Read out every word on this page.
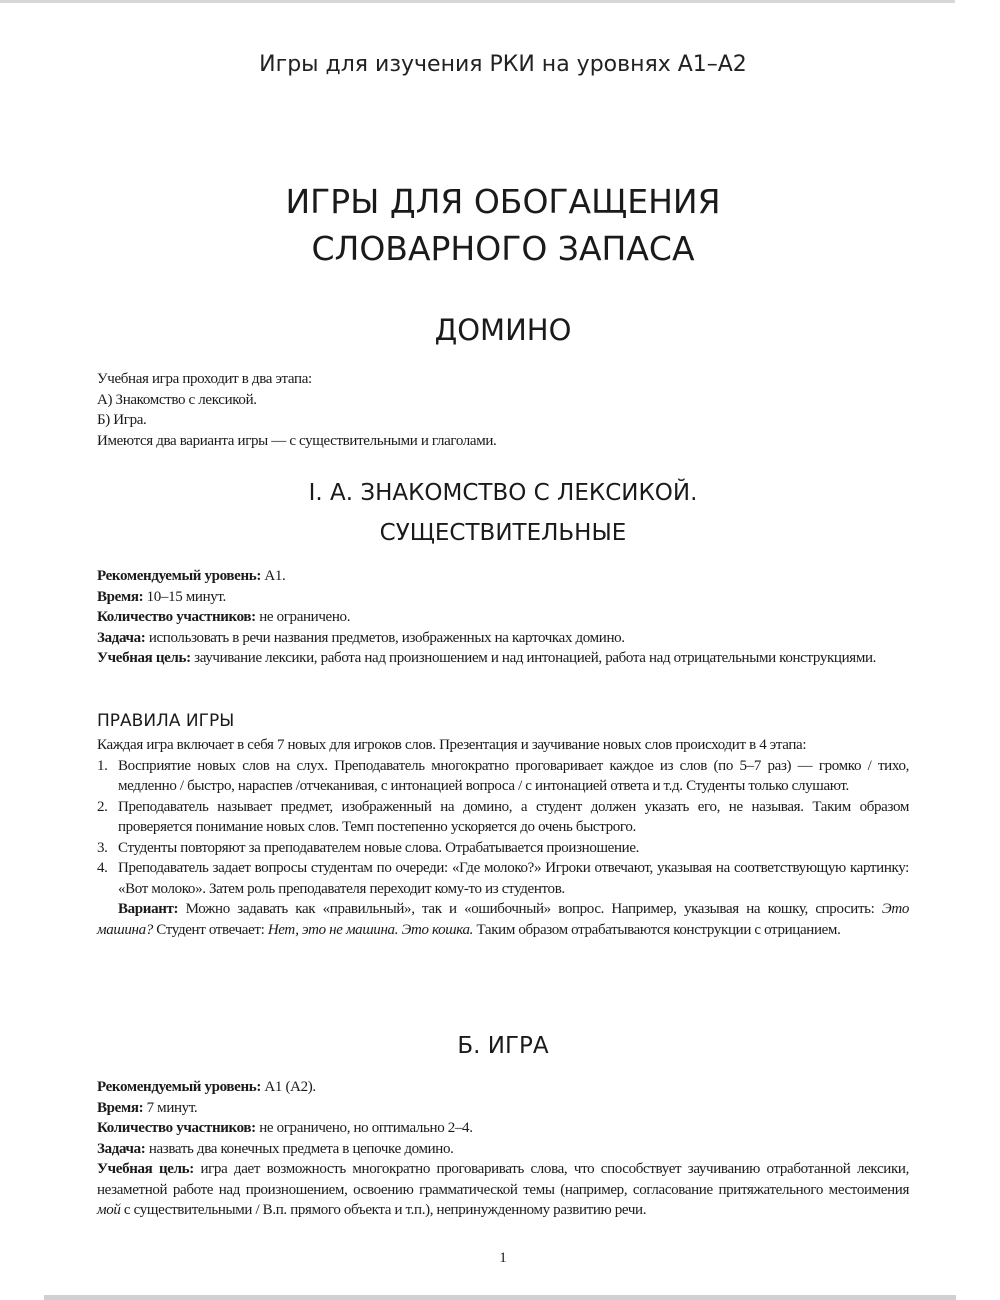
Игры для изучения РКИ на уровнях А1–А2
ИГРЫ ДЛЯ ОБОГАЩЕНИЯ
СЛОВАРНОГО ЗАПАСА
ДОМИНО

Учебная игра проходит в два этапа:

А) Знакомство с лексикой.

Б) Игра.

Имеются два варианта игры — с существительными и глаголами.

I. А. ЗНАКОМСТВО С ЛЕКСИКОЙ.
СУЩЕСТВИТЕЛЬНЫЕ

Рекомендуемый уровень: А1.

Время: 10–15 минут.

Количество участников: не ограничено.

Задача: использовать в речи названия предметов, изображенных на карточках домино.

Учебная цель: заучивание лексики, работа над произношением и над интонацией, работа над отрицательными конструкциями.

ПРАВИЛА ИГРЫ

Каждая игра включает в себя 7 новых для игроков слов. Презентация и заучивание новых слов происходит в 4 этапа:

1. Восприятие новых слов на слух. Преподаватель многократно проговаривает каждое из слов (по 5–7 раз) — громко / тихо, медленно / быстро, нараспев /отчеканивая, с интонацией вопроса / с интонацией ответа и т.д. Студенты только слушают.
2. Преподаватель называет предмет, изображенный на домино, а студент должен указать его, не называя. Таким образом проверяется понимание новых слов. Темп постепенно ускоряется до очень быстрого.
3. Студенты повторяют за преподавателем новые слова. Отрабатывается произношение.
4. Преподаватель задает вопросы студентам по очереди: «Где молоко?» Игроки отвечают, указывая на соответствующую картинку: «Вот молоко». Затем роль преподавателя переходит кому-то из студентов.

Вариант: Можно задавать как «правильный», так и «ошибочный» вопрос. Например, указывая на кошку, спросить: Это машина? Студент отвечает: Нет, это не машина. Это кошка. Таким образом отрабатываются конструкции с отрицанием.

Б. ИГРА

Рекомендуемый уровень: А1 (А2).

Время: 7 минут.

Количество участников: не ограничено, но оптимально 2–4.

Задача: назвать два конечных предмета в цепочке домино.

Учебная цель: игра дает возможность многократно проговаривать слова, что способствует заучиванию отработанной лексики, незаметной работе над произношением, освоению грамматической темы (например, согласование притяжательного местоимения мой с существительными / В.п. прямого объекта и т.п.), непринужденному развитию речи.

1
